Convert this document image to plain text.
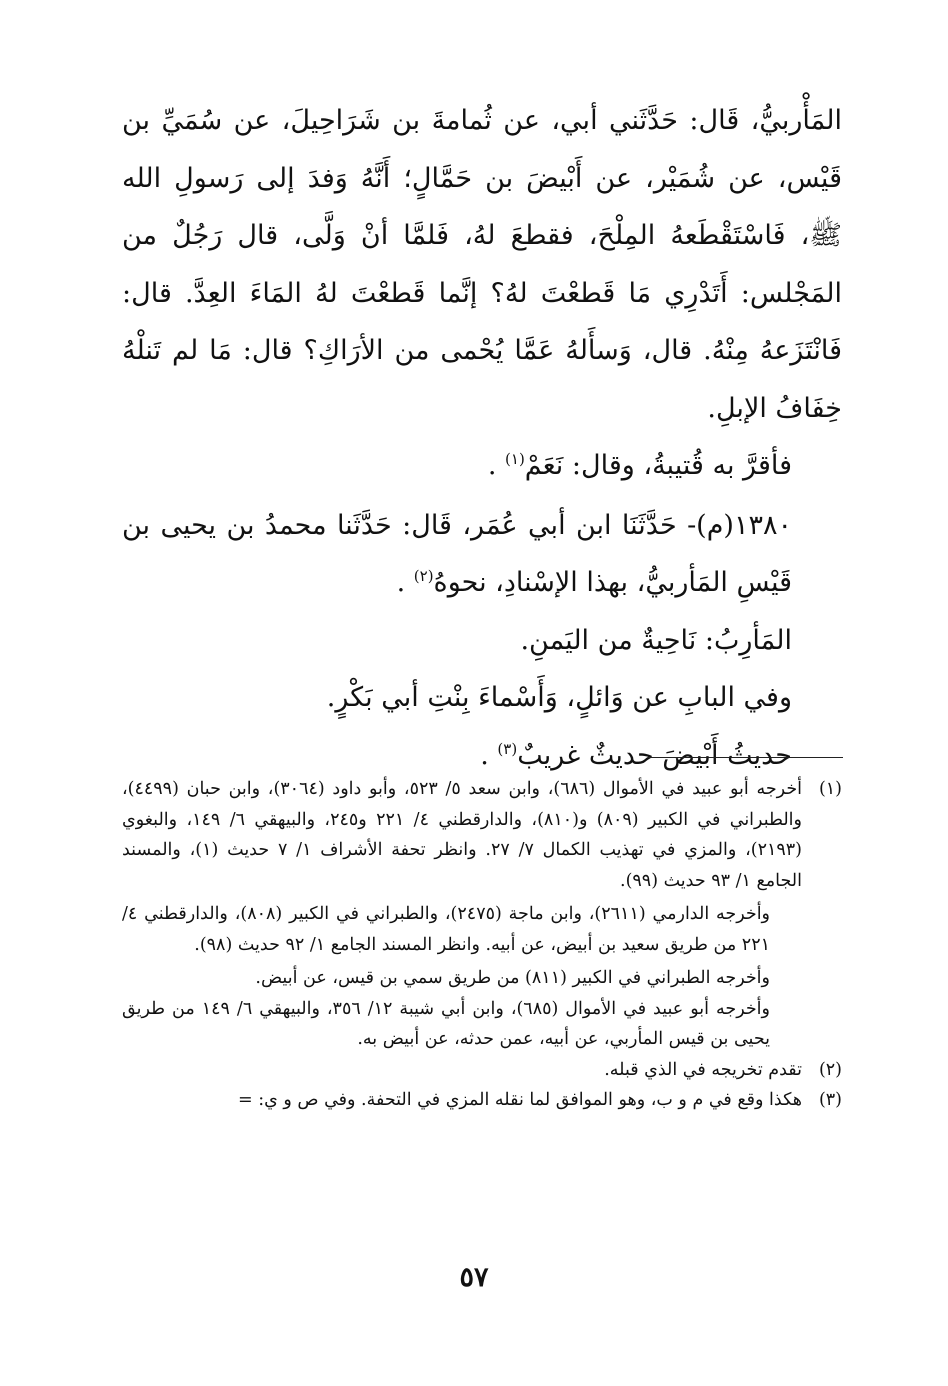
المَأْربيُّ، قَال: حَدَّثَني أبي، عن ثُمامةَ بن شَرَاحِيلَ، عن سُمَيِّ بن قَيْس، عن شُمَيْر، عن أَبْيضَ بن حَمَّالٍ؛ أَنَّهُ وَفدَ إلى رَسولِ الله ﷺ، فَاسْتَقْطَعهُ المِلْحَ، فقطعَ لهُ، فَلمَّا أنْ وَلَّى، قال رَجُلٌ من المَجْلس: أَتَدْرِي مَا قَطعْتَ لهُ؟ إنَّما قَطعْتَ لهُ المَاءَ العِدَّ. قال: فَانْتَزَعهُ مِنْهُ. قال، وَسأَلهُ عَمَّا يُحْمى من الأرَاكِ؟ قال: مَا لم تَنلْهُ خِفَافُ الإبلِ.

فأقرَّ به قُتيبةُ، وقال: نَعَمْ$^{(١)}$ .

١٣٨٠(م)- حَدَّثَنَا ابن أبي عُمَر، قَال: حَدَّثَنا محمدُ بن يحيى بن قَيْسِ المَأربيُّ، بهذا الإسْنادِ، نحوهُ$^{(٢)}$ .

المَأرِبُ: نَاحِيةٌ من اليَمنِ.

وفي البابِ عن وَائلٍ، وَأَسْماءَ بِنْتِ أبي بَكْرٍ.

حديثُ أَبْيضَ حديثٌ غريبٌ$^{(٣)}$ .

(١)

أخرجه أبو عبيد في الأموال (٦٨٦)، وابن سعد ٥/ ٥٢٣، وأبو داود (٣٠٦٤)، وابن حبان (٤٤٩٩)، والطبراني في الكبير (٨٠٩) و(٨١٠)، والدارقطني ٤/ ٢٢١ و٢٤٥، والبيهقي ٦/ ١٤٩، والبغوي (٢١٩٣)، والمزي في تهذيب الكمال ٧/ ٢٧. وانظر تحفة الأشراف ١/ ٧ حديث (١)، والمسند الجامع ١/ ٩٣ حديث (٩٩).

وأخرجه الدارمي (٢٦١١)، وابن ماجة (٢٤٧٥)، والطبراني في الكبير (٨٠٨)، والدارقطني ٤/ ٢٢١ من طريق سعيد بن أبيض، عن أبيه. وانظر المسند الجامع ١/ ٩٢ حديث (٩٨).

وأخرجه الطبراني في الكبير (٨١١) من طريق سمي بن قيس، عن أبيض.

وأخرجه أبو عبيد في الأموال (٦٨٥)، وابن أبي شيبة ١٢/ ٣٥٦، والبيهقي ٦/ ١٤٩ من طريق يحيى بن قيس المأربي، عن أبيه، عمن حدثه، عن أبيض به.

(٢)

تقدم تخريجه في الذي قبله.

(٣)

هكذا وقع في م و ب، وهو الموافق لما نقله المزي في التحفة. وفي ص و ي: =

٥٧
